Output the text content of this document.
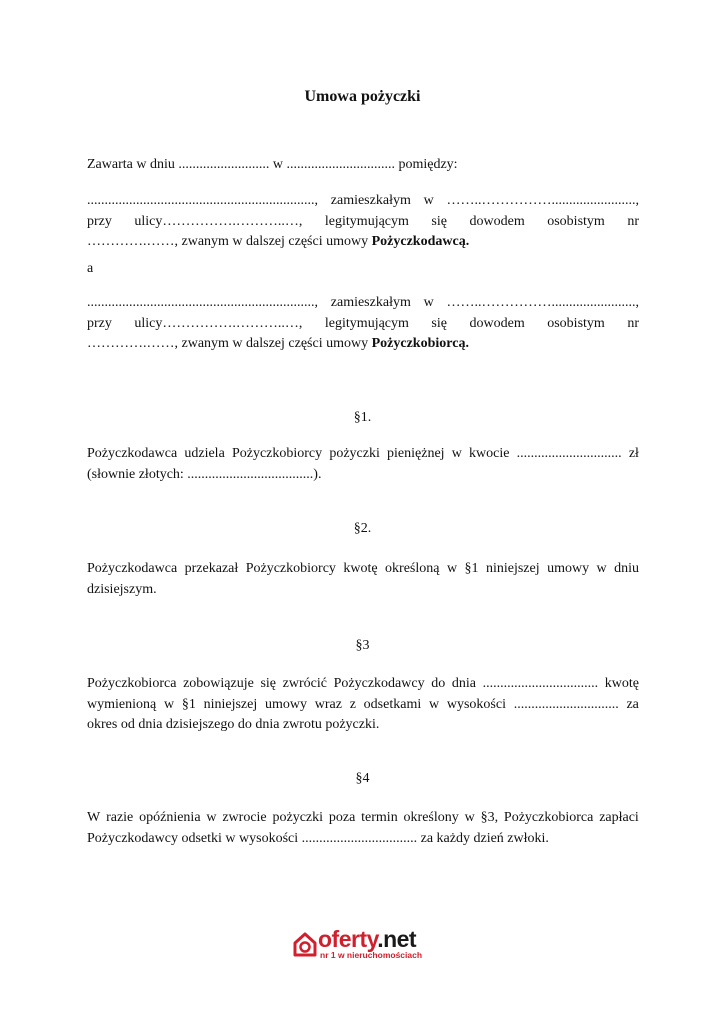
Umowa pożyczki
Zawarta w dniu .......................... w ............................... pomiędzy:
................................................................., zamieszkałym w ……..……………........................,
przy ulicy…………….………..…, legitymującym się dowodem osobistym nr
………….……, zwanym w dalszej części umowy Pożyczkodawcą.
a
................................................................., zamieszkałym w ……..……………........................,
przy ulicy…………….………..…, legitymującym się dowodem osobistym nr
………….……, zwanym w dalszej części umowy Pożyczkobiorcą.
§1.
Pożyczkodawca udziela Pożyczkobiorcy pożyczki pieniężnej w kwocie .............................. zł
(słownie złotych: ....................................).
§2.
Pożyczkodawca przekazał Pożyczkobiorcy kwotę określoną w §1 niniejszej umowy w dniu
dzisiejszym.
§3
Pożyczkobiorca zobowiązuje się zwrócić Pożyczkodawcy do dnia ................................. kwotę
wymienioną w §1 niniejszej umowy wraz z odsetkami w wysokości .............................. za
okres od dnia dzisiejszego do dnia zwrotu pożyczki.
§4
W razie opóźnienia w zwrocie pożyczki poza termin określony w §3, Pożyczkobiorca zapłaci
Pożyczkodawcy odsetki w wysokości ................................. za każdy dzień zwłoki.
oferty.net
nr 1 w nieruchomościach
